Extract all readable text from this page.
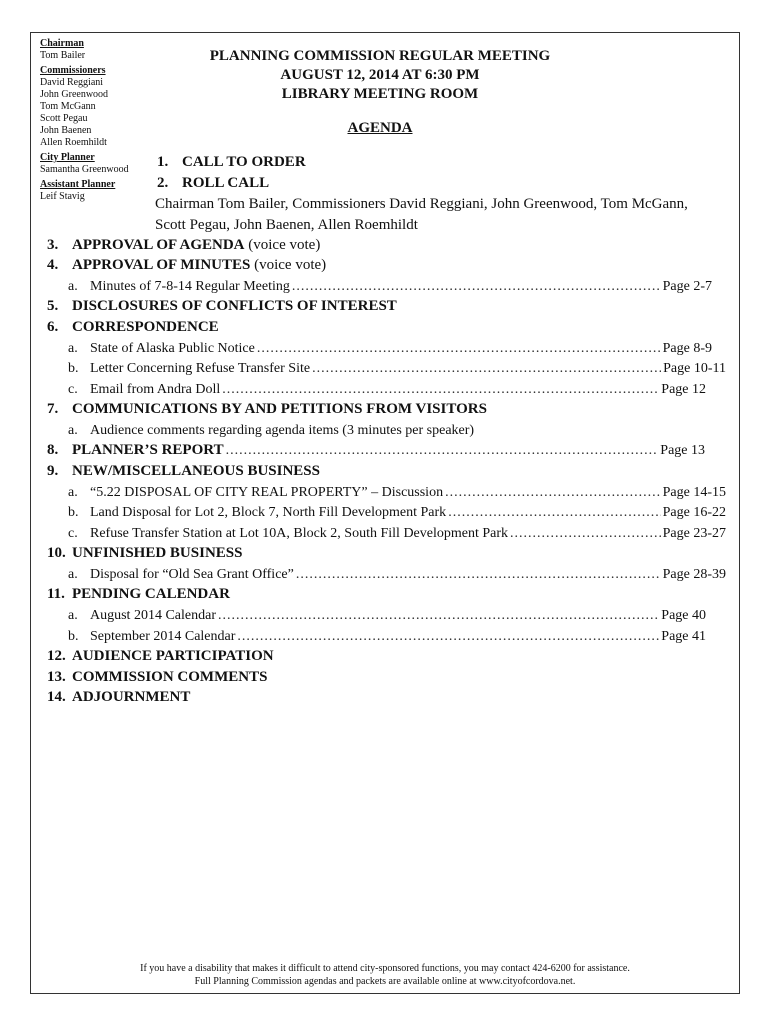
Chairman
Tom Bailer
Commissioners
David Reggiani
John Greenwood
Tom McGann
Scott Pegau
John Baenen
Allen Roemhildt
City Planner
Samantha Greenwood
Assistant Planner
Leif Stavig
PLANNING COMMISSION REGULAR MEETING
AUGUST 12, 2014 AT 6:30 PM
LIBRARY MEETING ROOM
AGENDA
1. CALL TO ORDER
2. ROLL CALL
Chairman Tom Bailer, Commissioners David Reggiani, John Greenwood, Tom McGann,
Scott Pegau, John Baenen, Allen Roemhildt
3. APPROVAL OF AGENDA (voice vote)
4. APPROVAL OF MINUTES (voice vote)
a. Minutes of 7-8-14 Regular Meeting .....	Page 2-7
5. DISCLOSURES OF CONFLICTS OF INTEREST
6. CORRESPONDENCE
a. State of Alaska Public Notice .....	Page 8-9
b. Letter Concerning Refuse Transfer Site .....	Page 10-11
c. Email from Andra Doll .....	Page 12
7. COMMUNICATIONS BY AND PETITIONS FROM VISITORS
a. Audience comments regarding agenda items (3 minutes per speaker)
8. PLANNER’S REPORT .....	Page 13
9. NEW/MISCELLANEOUS BUSINESS
a. “5.22 DISPOSAL OF CITY REAL PROPERTY” – Discussion .....	Page 14-15
b. Land Disposal for Lot 2, Block 7, North Fill Development Park .....	Page 16-22
c. Refuse Transfer Station at Lot 10A, Block 2, South Fill Development Park .....	Page 23-27
10. UNFINISHED BUSINESS
a. Disposal for “Old Sea Grant Office” .....	Page 28-39
11. PENDING CALENDAR
a. August 2014 Calendar .....	Page 40
b. September 2014 Calendar .....	Page 41
12. AUDIENCE PARTICIPATION
13. COMMISSION COMMENTS
14. ADJOURNMENT
If you have a disability that makes it difficult to attend city-sponsored functions, you may contact 424-6200 for assistance.
Full Planning Commission agendas and packets are available online at www.cityofcordova.net.
